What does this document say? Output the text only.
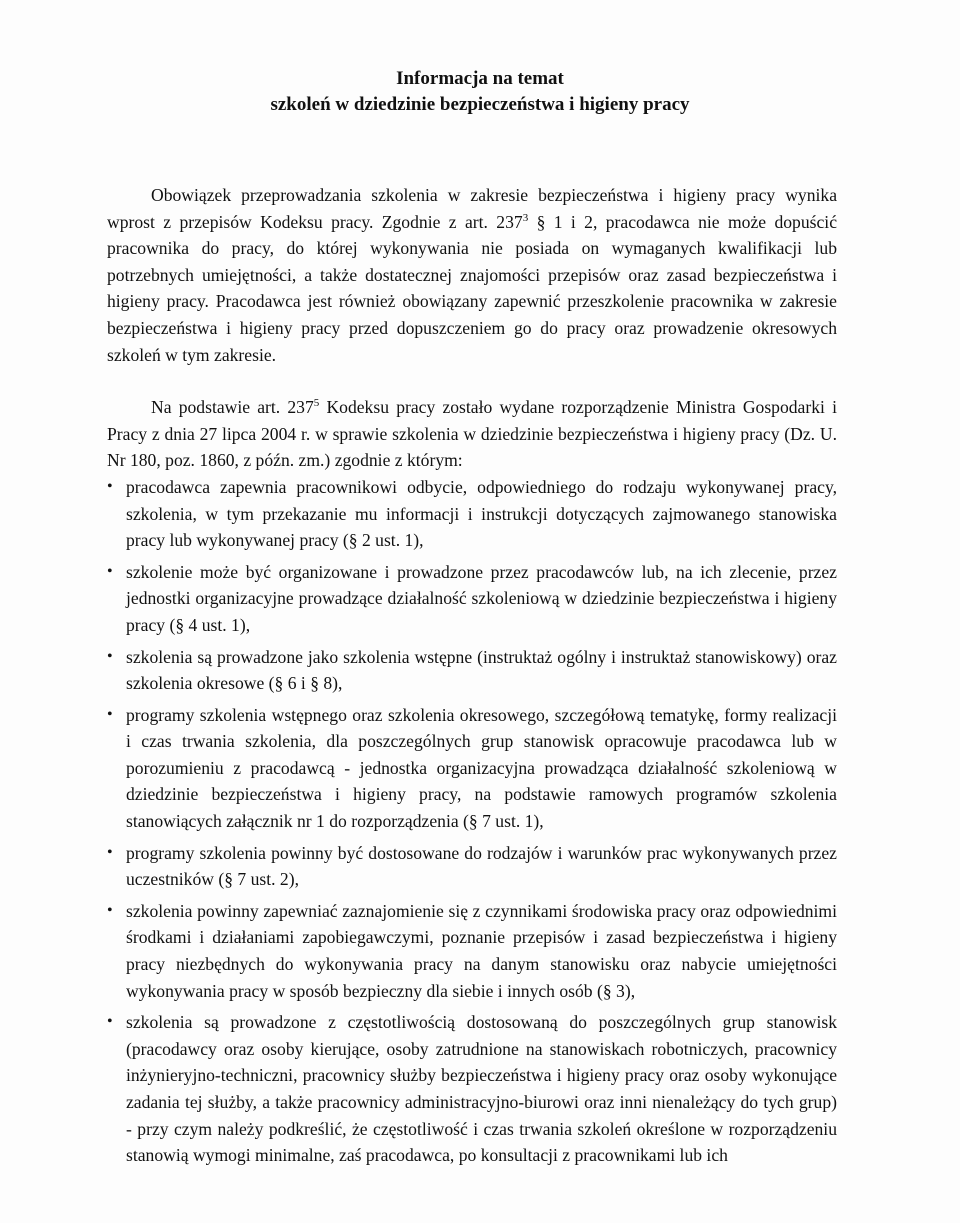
Informacja na temat
szkoleń w dziedzinie bezpieczeństwa i higieny pracy

Obowiązek przeprowadzania szkolenia w zakresie bezpieczeństwa i higieny pracy wynika wprost z przepisów Kodeksu pracy. Zgodnie z art. $237^3$ § 1 i 2, pracodawca nie może dopuścić pracownika do pracy, do której wykonywania nie posiada on wymaganych kwalifikacji lub potrzebnych umiejętności, a także dostatecznej znajomości przepisów oraz zasad bezpieczeństwa i higieny pracy. Pracodawca jest również obowiązany zapewnić przeszkolenie pracownika w zakresie bezpieczeństwa i higieny pracy przed dopuszczeniem go do pracy oraz prowadzenie okresowych szkoleń w tym zakresie.

Na podstawie art. $237^5$ Kodeksu pracy zostało wydane rozporządzenie Ministra Gospodarki i Pracy z dnia 27 lipca 2004 r. w sprawie szkolenia w dziedzinie bezpieczeństwa i higieny pracy (Dz. U. Nr 180, poz. 1860, z późn. zm.) zgodnie z którym:

• pracodawca zapewnia pracownikowi odbycie, odpowiedniego do rodzaju wykonywanej pracy, szkolenia, w tym przekazanie mu informacji i instrukcji dotyczących zajmowanego stanowiska pracy lub wykonywanej pracy (§ 2 ust. 1),
• szkolenie może być organizowane i prowadzone przez pracodawców lub, na ich zlecenie, przez jednostki organizacyjne prowadzące działalność szkoleniową w dziedzinie bezpieczeństwa i higieny pracy (§ 4 ust. 1),
• szkolenia są prowadzone jako szkolenia wstępne (instruktaż ogólny i instruktaż stanowiskowy) oraz szkolenia okresowe (§ 6 i § 8),
• programy szkolenia wstępnego oraz szkolenia okresowego, szczegółową tematykę, formy realizacji i czas trwania szkolenia, dla poszczególnych grup stanowisk opracowuje pracodawca lub w porozumieniu z pracodawcą - jednostka organizacyjna prowadząca działalność szkoleniową w dziedzinie bezpieczeństwa i higieny pracy, na podstawie ramowych programów szkolenia stanowiących załącznik nr 1 do rozporządzenia (§ 7 ust. 1),
• programy szkolenia powinny być dostosowane do rodzajów i warunków prac wykonywanych przez uczestników (§ 7 ust. 2),
• szkolenia powinny zapewniać zaznajomienie się z czynnikami środowiska pracy oraz odpowiednimi środkami i działaniami zapobiegawczymi, poznanie przepisów i zasad bezpieczeństwa i higieny pracy niezbędnych do wykonywania pracy na danym stanowisku oraz nabycie umiejętności wykonywania pracy w sposób bezpieczny dla siebie i innych osób (§ 3),
• szkolenia są prowadzone z częstotliwością dostosowaną do poszczególnych grup stanowisk (pracodawcy oraz osoby kierujące, osoby zatrudnione na stanowiskach robotniczych, pracownicy inżynieryjno-techniczni, pracownicy służby bezpieczeństwa i higieny pracy oraz osoby wykonujące zadania tej służby, a także pracownicy administracyjno-biurowi oraz inni nienależący do tych grup) - przy czym należy podkreślić, że częstotliwość i czas trwania szkoleń określone w rozporządzeniu stanowią wymogi minimalne, zaś pracodawca, po konsultacji z pracownikami lub ich
